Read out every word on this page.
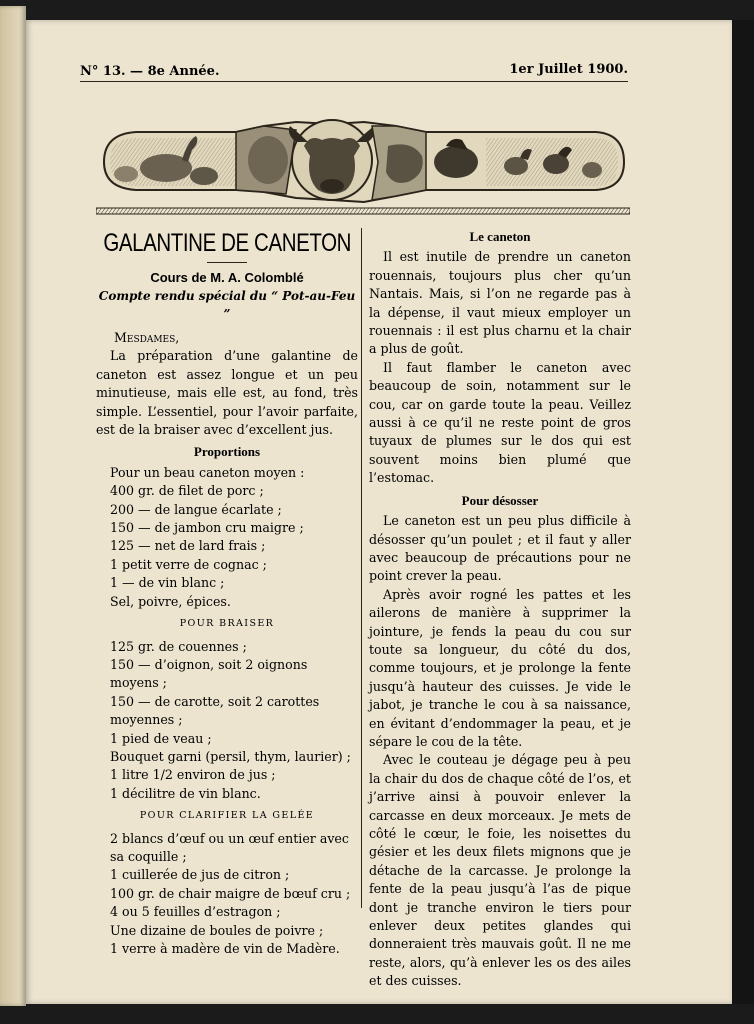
N° 13. — 8e Année.	1er Juillet 1900.
GALANTINE DE CANETON
Cours de M. A. Colomblé
Compte rendu spécial du “ Pot-au-Feu ”
Mesdames,

La préparation d’une galantine de caneton est assez longue et un peu minutieuse, mais elle est, au fond, très simple. L’essentiel, pour l’avoir parfaite, est de la braiser avec d’excellent jus.

Proportions
Pour un beau caneton moyen :
400 gr. de filet de porc ;
200 — de langue écarlate ;
150 — de jambon cru maigre ;
125 — net de lard frais ;
1 petit verre de cognac ;
1 — de vin blanc ;
Sel, poivre, épices.
POUR BRAISER
125 gr. de couennes ;
150 — d’oignon, soit 2 oignons moyens ;
150 — de carotte, soit 2 carottes moyennes ;
1 pied de veau ;
Bouquet garni (persil, thym, laurier) ;
1 litre 1/2 environ de jus ;
1 décilitre de vin blanc.
POUR CLARIFIER LA GELÉE
2 blancs d’œuf ou un œuf entier avec sa coquille ;
1 cuillerée de jus de citron ;
100 gr. de chair maigre de bœuf cru ;
4 ou 5 feuilles d’estragon ;
Une dizaine de boules de poivre ;
1 verre à madère de vin de Madère.
Le caneton

Il est inutile de prendre un caneton rouennais, toujours plus cher qu’un Nantais. Mais, si l’on ne regarde pas à la dépense, il vaut mieux employer un rouennais : il est plus charnu et la chair a plus de goût.

Il faut flamber le caneton avec beaucoup de soin, notamment sur le cou, car on garde toute la peau. Veillez aussi à ce qu’il ne reste point de gros tuyaux de plumes sur le dos qui est souvent moins bien plumé que l’estomac.

Pour désosser

Le caneton est un peu plus difficile à désosser qu’un poulet ; et il faut y aller avec beaucoup de précautions pour ne point crever la peau.

Après avoir rogné les pattes et les ailerons de manière à supprimer la jointure, je fends la peau du cou sur toute sa longueur, du côté du dos, comme toujours, et je prolonge la fente jusqu’à hauteur des cuisses. Je vide le jabot, je tranche le cou à sa naissance, en évitant d’endommager la peau, et je sépare le cou de la tête.

Avec le couteau je dégage peu à peu la chair du dos de chaque côté de l’os, et j’arrive ainsi à pouvoir enlever la carcasse en deux morceaux. Je mets de côté le cœur, le foie, les noisettes du gésier et les deux filets mignons que je détache de la carcasse. Je prolonge la fente de la peau jusqu’à l’as de pique dont je tranche environ le tiers pour enlever deux petites glandes qui donneraient très mauvais goût. Il ne me reste, alors, qu’à enlever les os des ailes et des cuisses.
